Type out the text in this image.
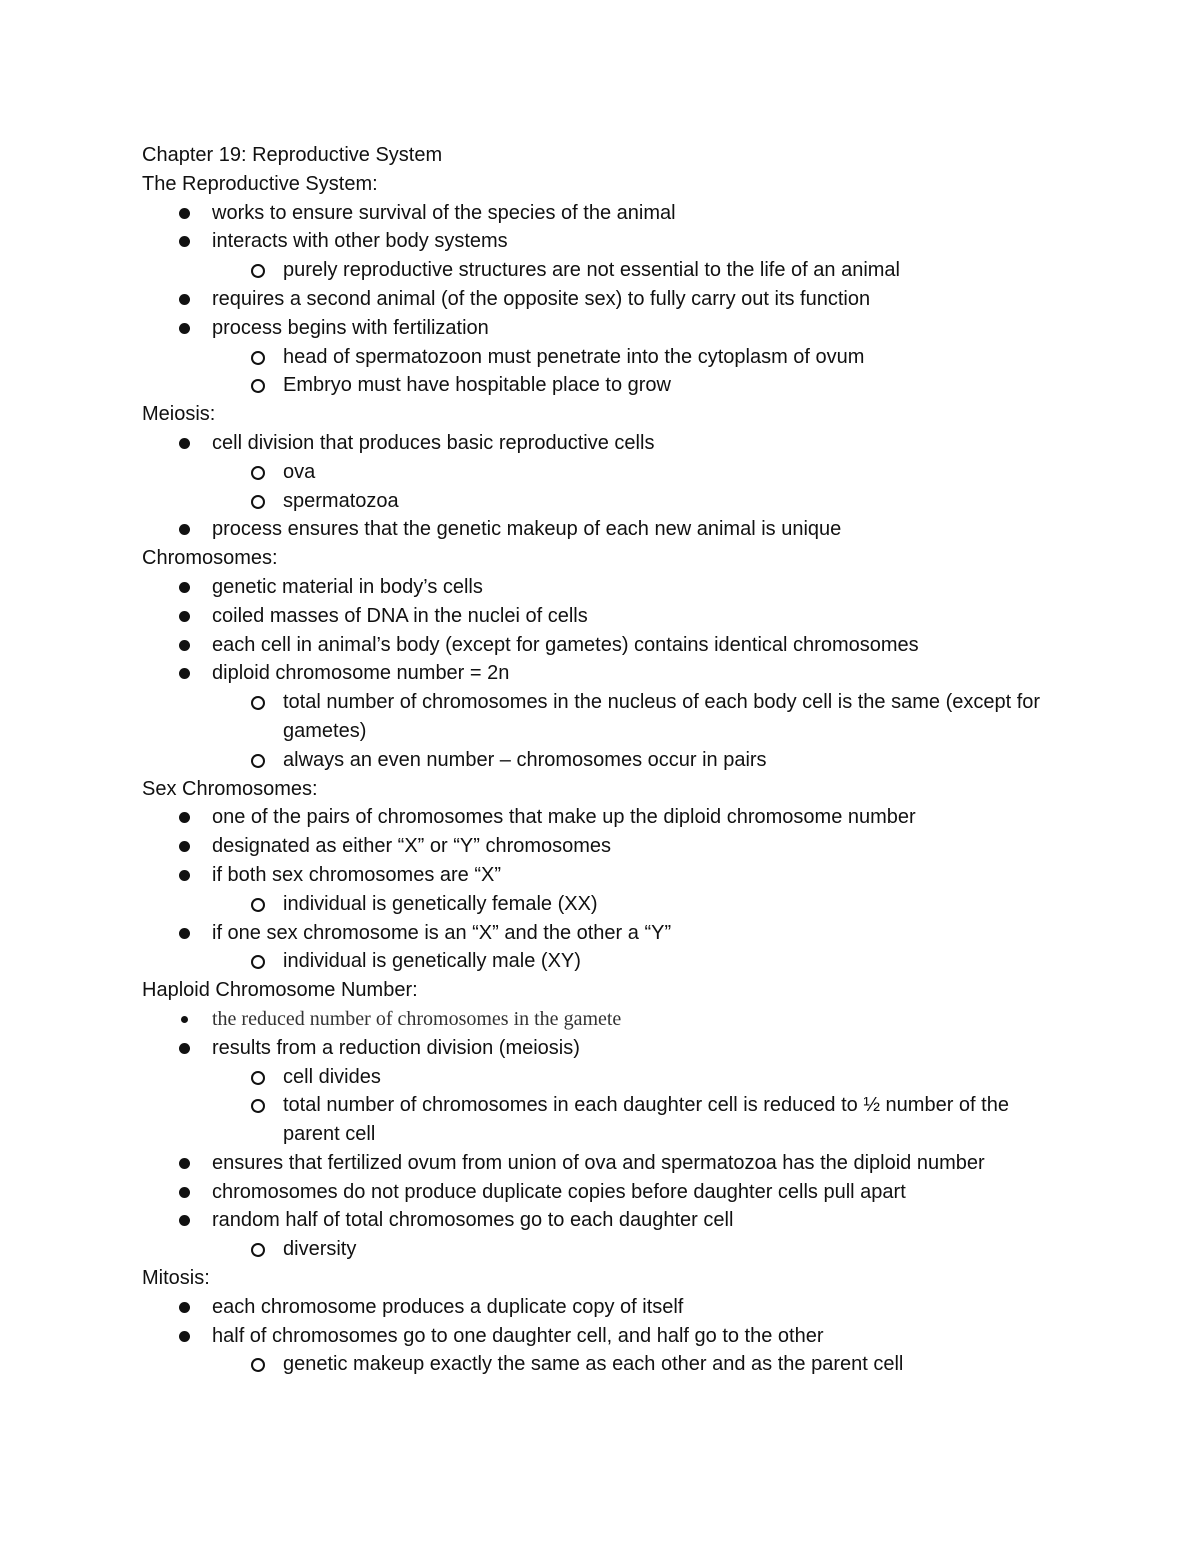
Chapter 19: Reproductive System
The Reproductive System:
works to ensure survival of the species of the animal
interacts with other body systems
purely reproductive structures are not essential to the life of an animal
requires a second animal (of the opposite sex) to fully carry out its function
process begins with fertilization
head of spermatozoon must penetrate into the cytoplasm of ovum
Embryo must have hospitable place to grow
Meiosis:
cell division that produces basic reproductive cells
ova
spermatozoa
process ensures that the genetic makeup of each new animal is unique
Chromosomes:
genetic material in body’s cells
coiled masses of DNA in the nuclei of cells
each cell in animal’s body (except for gametes) contains identical chromosomes
diploid chromosome number = 2n
total number of chromosomes in the nucleus of each body cell is the same (except for gametes)
always an even number – chromosomes occur in pairs
Sex Chromosomes:
one of the pairs of chromosomes that make up the diploid chromosome number
designated as either “X” or “Y” chromosomes
if both sex chromosomes are “X”
individual is genetically female (XX)
if one sex chromosome is an “X” and the other a “Y”
individual is genetically male (XY)
Haploid Chromosome Number:
the reduced number of chromosomes in the gamete
results from a reduction division (meiosis)
cell divides
total number of chromosomes in each daughter cell is reduced to ½ number of the parent cell
ensures that fertilized ovum from union of ova and spermatozoa has the diploid number
chromosomes do not produce duplicate copies before daughter cells pull apart
random half of total chromosomes go to each daughter cell
diversity
Mitosis:
each chromosome produces a duplicate copy of itself
half of chromosomes go to one daughter cell, and half go to the other
genetic makeup exactly the same as each other and as the parent cell
